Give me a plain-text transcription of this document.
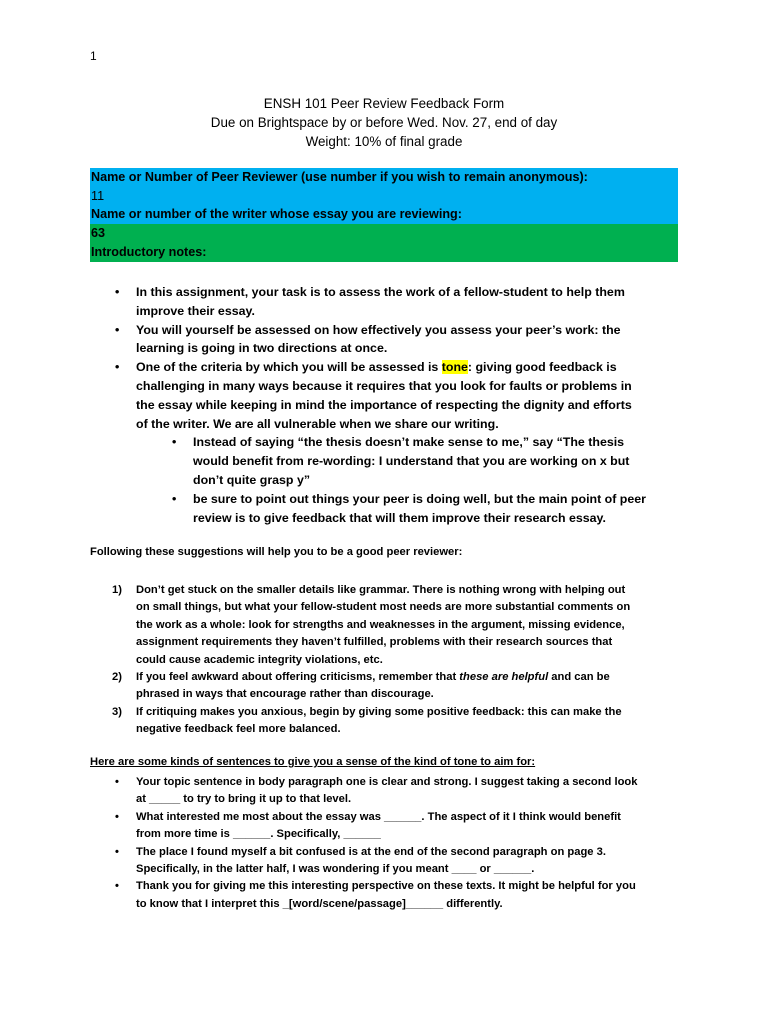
1
ENSH 101 Peer Review Feedback Form
Due on Brightspace by or before Wed. Nov. 27, end of day
Weight: 10% of final grade
Name or Number of Peer Reviewer (use number if you wish to remain anonymous):
11
Name or number of the writer whose essay you are reviewing:
63
Introductory notes:
• In this assignment, your task is to assess the work of a fellow-student to help them
improve their essay.
• You will yourself be assessed on how effectively you assess your peer’s work: the
learning is going in two directions at once.
• One of the criteria by which you will be assessed is tone: giving good feedback is
challenging in many ways because it requires that you look for faults or problems in
the essay while keeping in mind the importance of respecting the dignity and efforts
of the writer. We are all vulnerable when we share our writing.
• Instead of saying “the thesis doesn’t make sense to me,” say “The thesis
would benefit from re-wording: I understand that you are working on x but
don’t quite grasp y”
• be sure to point out things your peer is doing well, but the main point of peer
review is to give feedback that will them improve their research essay.
Following these suggestions will help you to be a good peer reviewer:
1) Don’t get stuck on the smaller details like grammar. There is nothing wrong with helping out
on small things, but what your fellow-student most needs are more substantial comments on
the work as a whole: look for strengths and weaknesses in the argument, missing evidence,
assignment requirements they haven’t fulfilled, problems with their research sources that
could cause academic integrity violations, etc.
2) If you feel awkward about offering criticisms, remember that these are helpful and can be
phrased in ways that encourage rather than discourage.
3) If critiquing makes you anxious, begin by giving some positive feedback: this can make the
negative feedback feel more balanced.
Here are some kinds of sentences to give you a sense of the kind of tone to aim for:
• Your topic sentence in body paragraph one is clear and strong. I suggest taking a second look
at _____ to try to bring it up to that level.
• What interested me most about the essay was ______. The aspect of it I think would benefit
from more time is ______. Specifically, ______
• The place I found myself a bit confused is at the end of the second paragraph on page 3.
Specifically, in the latter half, I was wondering if you meant ____ or ______.
• Thank you for giving me this interesting perspective on these texts. It might be helpful for you
to know that I interpret this _[word/scene/passage]______ differently.
